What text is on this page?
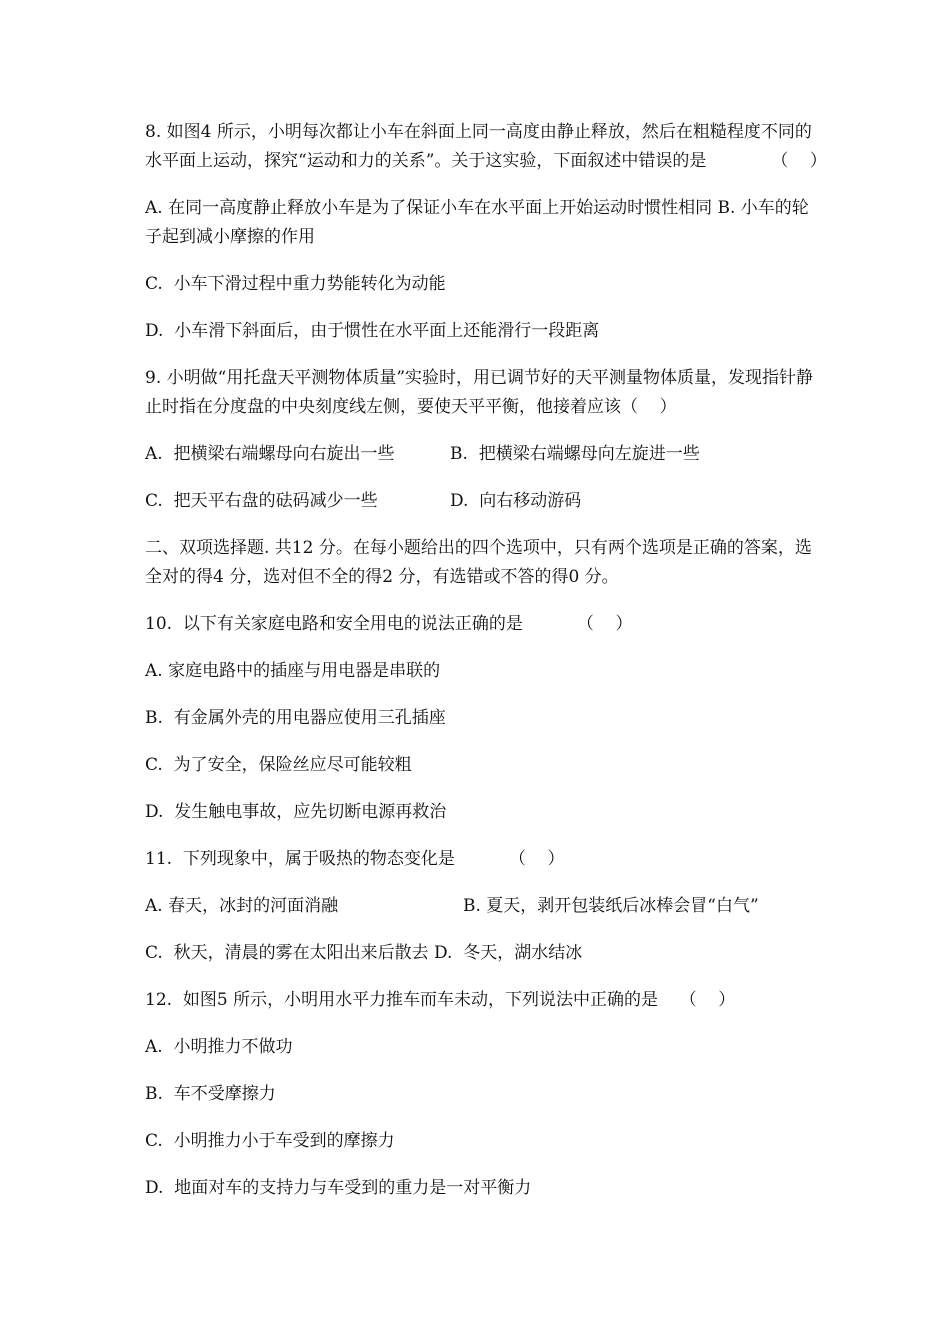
8. 如图4 所示，小明每次都让小车在斜面上同一高度由静止释放，然后在粗糙程度不同的水平面上运动，探究“运动和力的关系”。关于这实验，下面叙述中错误的是            （    ）

A. 在同一高度静止释放小车是为了保证小车在水平面上开始运动时惯性相同 B. 小车的轮子起到减小摩擦的作用

C.  小车下滑过程中重力势能转化为动能

D.  小车滑下斜面后，由于惯性在水平面上还能滑行一段距离

9. 小明做“用托盘天平测物体质量”实验时，用已调节好的天平测量物体质量，发现指针静止时指在分度盘的中央刻度线左侧，要使天平平衡，他接着应该（    ）

A.  把横梁右端螺母向右旋出一些	B.  把横梁右端螺母向左旋进一些
C.  把天平右盘的砝码减少一些	D.  向右移动游码

二、双项选择题. 共12 分。在每小题给出的四个选项中，只有两个选项是正确的答案，选全对的得4 分，选对但不全的得2 分，有选错或不答的得0 分。

10.  以下有关家庭电路和安全用电的说法正确的是          （    ）

A. 家庭电路中的插座与用电器是串联的

B.  有金属外壳的用电器应使用三孔插座

C.  为了安全，保险丝应尽可能较粗

D.  发生触电事故，应先切断电源再救治

11.  下列现象中，属于吸热的物态变化是          （    ）

A. 春天，冰封的河面消融	B. 夏天，剥开包装纸后冰棒会冒“白气”

C.  秋天，清晨的雾在太阳出来后散去 D.  冬天，湖水结冰

12.  如图5 所示，小明用水平力推车而车未动，下列说法中正确的是    （    ）

A.  小明推力不做功

B.  车不受摩擦力

C.  小明推力小于车受到的摩擦力

D.  地面对车的支持力与车受到的重力是一对平衡力
